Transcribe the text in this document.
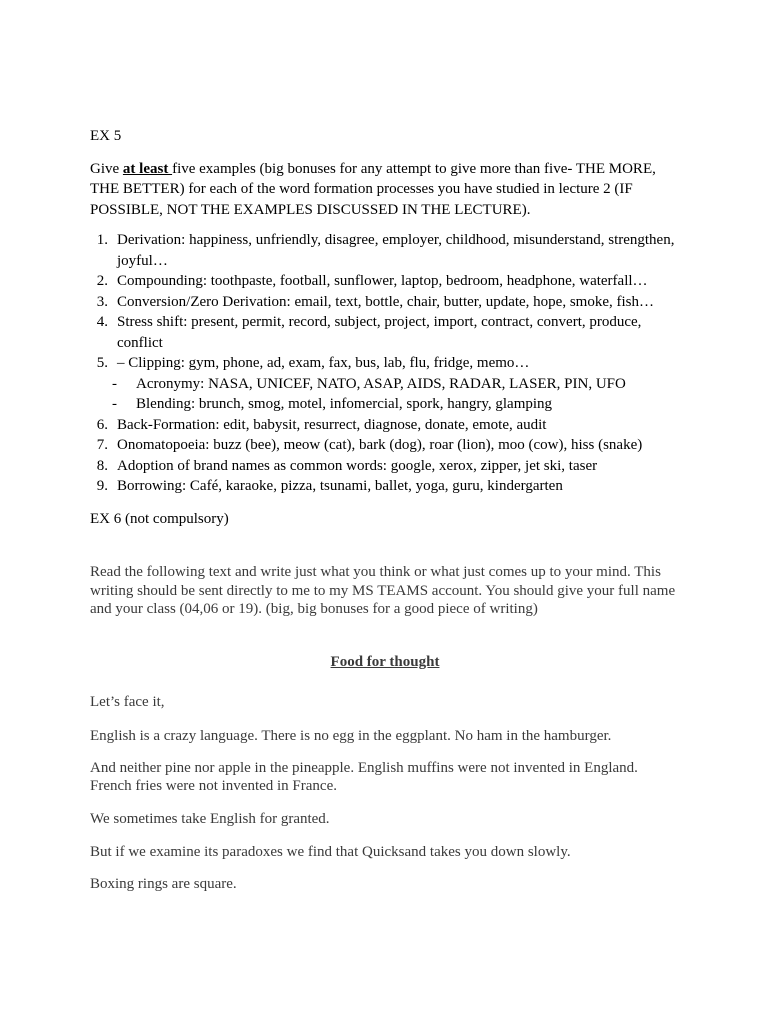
EX 5

Give at least five examples (big bonuses for any attempt to give more than five- THE MORE, THE BETTER) for each of the word formation processes you have studied in lecture 2 (IF POSSIBLE, NOT THE EXAMPLES DISCUSSED IN THE LECTURE).

1. Derivation: happiness, unfriendly, disagree, employer, childhood, misunderstand, strengthen, joyful…
2. Compounding: toothpaste, football, sunflower, laptop, bedroom, headphone, waterfall…
3. Conversion/Zero Derivation: email, text, bottle, chair, butter, update, hope, smoke, fish…
4. Stress shift: present, permit, record, subject, project, import, contract, convert, produce, conflict
5. – Clipping: gym, phone, ad, exam, fax, bus, lab, flu, fridge, memo…
- Acronymy: NASA, UNICEF, NATO, ASAP, AIDS, RADAR, LASER, PIN, UFO
- Blending: brunch, smog, motel, infomercial, spork, hangry, glamping
6. Back-Formation: edit, babysit, resurrect, diagnose, donate, emote, audit
7. Onomatopoeia: buzz (bee), meow (cat), bark (dog), roar (lion), moo (cow), hiss (snake)
8. Adoption of brand names as common words: google, xerox, zipper, jet ski, taser
9. Borrowing: Café, karaoke, pizza, tsunami, ballet, yoga, guru, kindergarten

EX 6 (not compulsory)

Read the following text and write just what you think or what just comes up to your mind. This writing should be sent directly to me to my MS TEAMS account. You should give your full name and your class (04,06 or 19). (big, big bonuses for a good piece of writing)

Food for thought

Let’s face it,

English is a crazy language. There is no egg in the eggplant. No ham in the hamburger.

And neither pine nor apple in the pineapple. English muffins were not invented in England. French fries were not invented in France.

We sometimes take English for granted.

But if we examine its paradoxes we find that Quicksand takes you down slowly.

Boxing rings are square.
